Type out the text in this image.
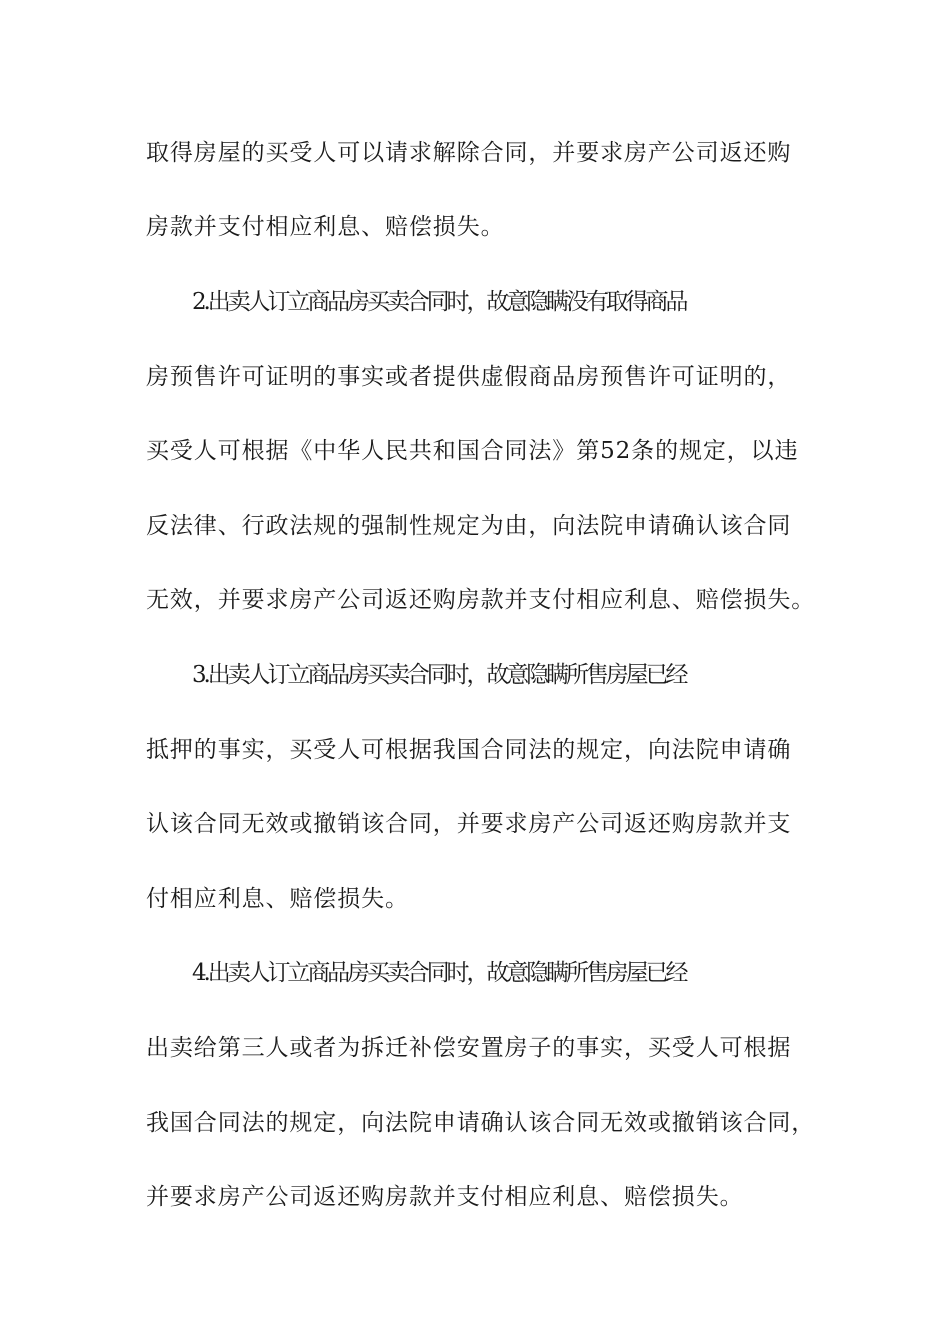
取得房屋的买受人可以请求解除合同，并要求房产公司返还购
房款并支付相应利息、赔偿损失。
2.出卖人订立商品房买卖合同时，故意隐瞒没有取得商品
房预售许可证明的事实或者提供虚假商品房预售许可证明的，
买受人可根据《中华人民共和国合同法》第52条的规定，以违
反法律、行政法规的强制性规定为由，向法院申请确认该合同
无效，并要求房产公司返还购房款并支付相应利息、赔偿损失。
3.出卖人订立商品房买卖合同时，故意隐瞒所售房屋已经
抵押的事实，买受人可根据我国合同法的规定，向法院申请确
认该合同无效或撤销该合同，并要求房产公司返还购房款并支
付相应利息、赔偿损失。
4.出卖人订立商品房买卖合同时，故意隐瞒所售房屋已经
出卖给第三人或者为拆迁补偿安置房子的事实，买受人可根据
我国合同法的规定，向法院申请确认该合同无效或撤销该合同，
并要求房产公司返还购房款并支付相应利息、赔偿损失。
